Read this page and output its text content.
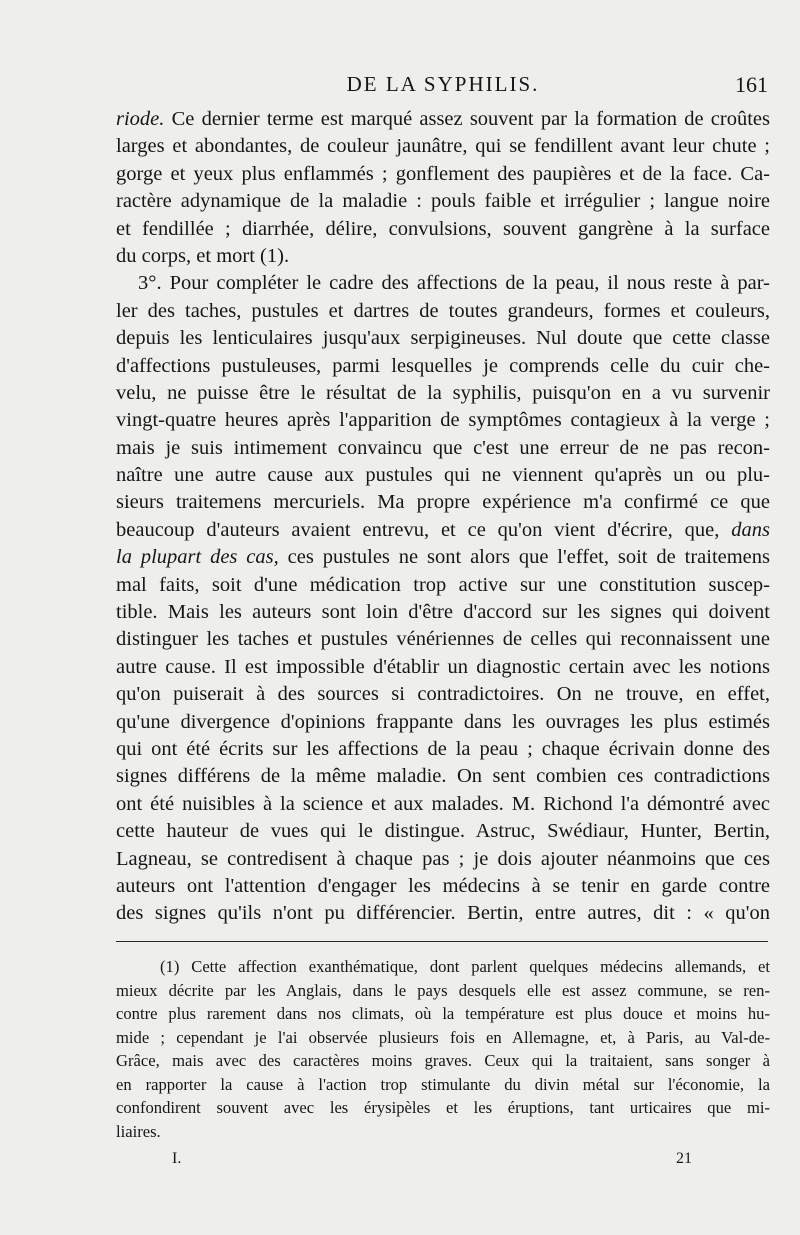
DE LA SYPHILIS.	161
riode. Ce dernier terme est marqué assez souvent par la formation de croûtes
larges et abondantes, de couleur jaunâtre, qui se fendillent avant leur chute ;
gorge et yeux plus enflammés ; gonflement des paupières et de la face. Ca-
ractère adynamique de la maladie : pouls faible et irrégulier ; langue noire
et fendillée ; diarrhée, délire, convulsions, souvent gangrène à la surface
du corps, et mort (1).
3°. Pour compléter le cadre des affections de la peau, il nous reste à par-
ler des taches, pustules et dartres de toutes grandeurs, formes et couleurs,
depuis les lenticulaires jusqu'aux serpigineuses. Nul doute que cette classe
d'affections pustuleuses, parmi lesquelles je comprends celle du cuir che-
velu, ne puisse être le résultat de la syphilis, puisqu'on en a vu survenir
vingt-quatre heures après l'apparition de symptômes contagieux à la verge ;
mais je suis intimement convaincu que c'est une erreur de ne pas recon-
naître une autre cause aux pustules qui ne viennent qu'après un ou plu-
sieurs traitemens mercuriels. Ma propre expérience m'a confirmé ce que
beaucoup d'auteurs avaient entrevu, et ce qu'on vient d'écrire, que, dans
la plupart des cas, ces pustules ne sont alors que l'effet, soit de traitemens
mal faits, soit d'une médication trop active sur une constitution suscep-
tible. Mais les auteurs sont loin d'être d'accord sur les signes qui doivent
distinguer les taches et pustules vénériennes de celles qui reconnaissent une
autre cause. Il est impossible d'établir un diagnostic certain avec les notions
qu'on puiserait à des sources si contradictoires. On ne trouve, en effet,
qu'une divergence d'opinions frappante dans les ouvrages les plus estimés
qui ont été écrits sur les affections de la peau ; chaque écrivain donne des
signes différens de la même maladie. On sent combien ces contradictions
ont été nuisibles à la science et aux malades. M. Richond l'a démontré avec
cette hauteur de vues qui le distingue. Astruc, Swédiaur, Hunter, Bertin,
Lagneau, se contredisent à chaque pas ; je dois ajouter néanmoins que ces
auteurs ont l'attention d'engager les médecins à se tenir en garde contre
des signes qu'ils n'ont pu différencier. Bertin, entre autres, dit : « qu'on
(1) Cette affection exanthématique, dont parlent quelques médecins allemands, et
mieux décrite par les Anglais, dans le pays desquels elle est assez commune, se ren-
contre plus rarement dans nos climats, où la température est plus douce et moins hu-
mide ; cependant je l'ai observée plusieurs fois en Allemagne, et, à Paris, au Val-de-
Grâce, mais avec des caractères moins graves. Ceux qui la traitaient, sans songer à
en rapporter la cause à l'action trop stimulante du divin métal sur l'économie, la
confondirent souvent avec les érysipèles et les éruptions, tant urticaires que mi-
liaires.
I.	21
